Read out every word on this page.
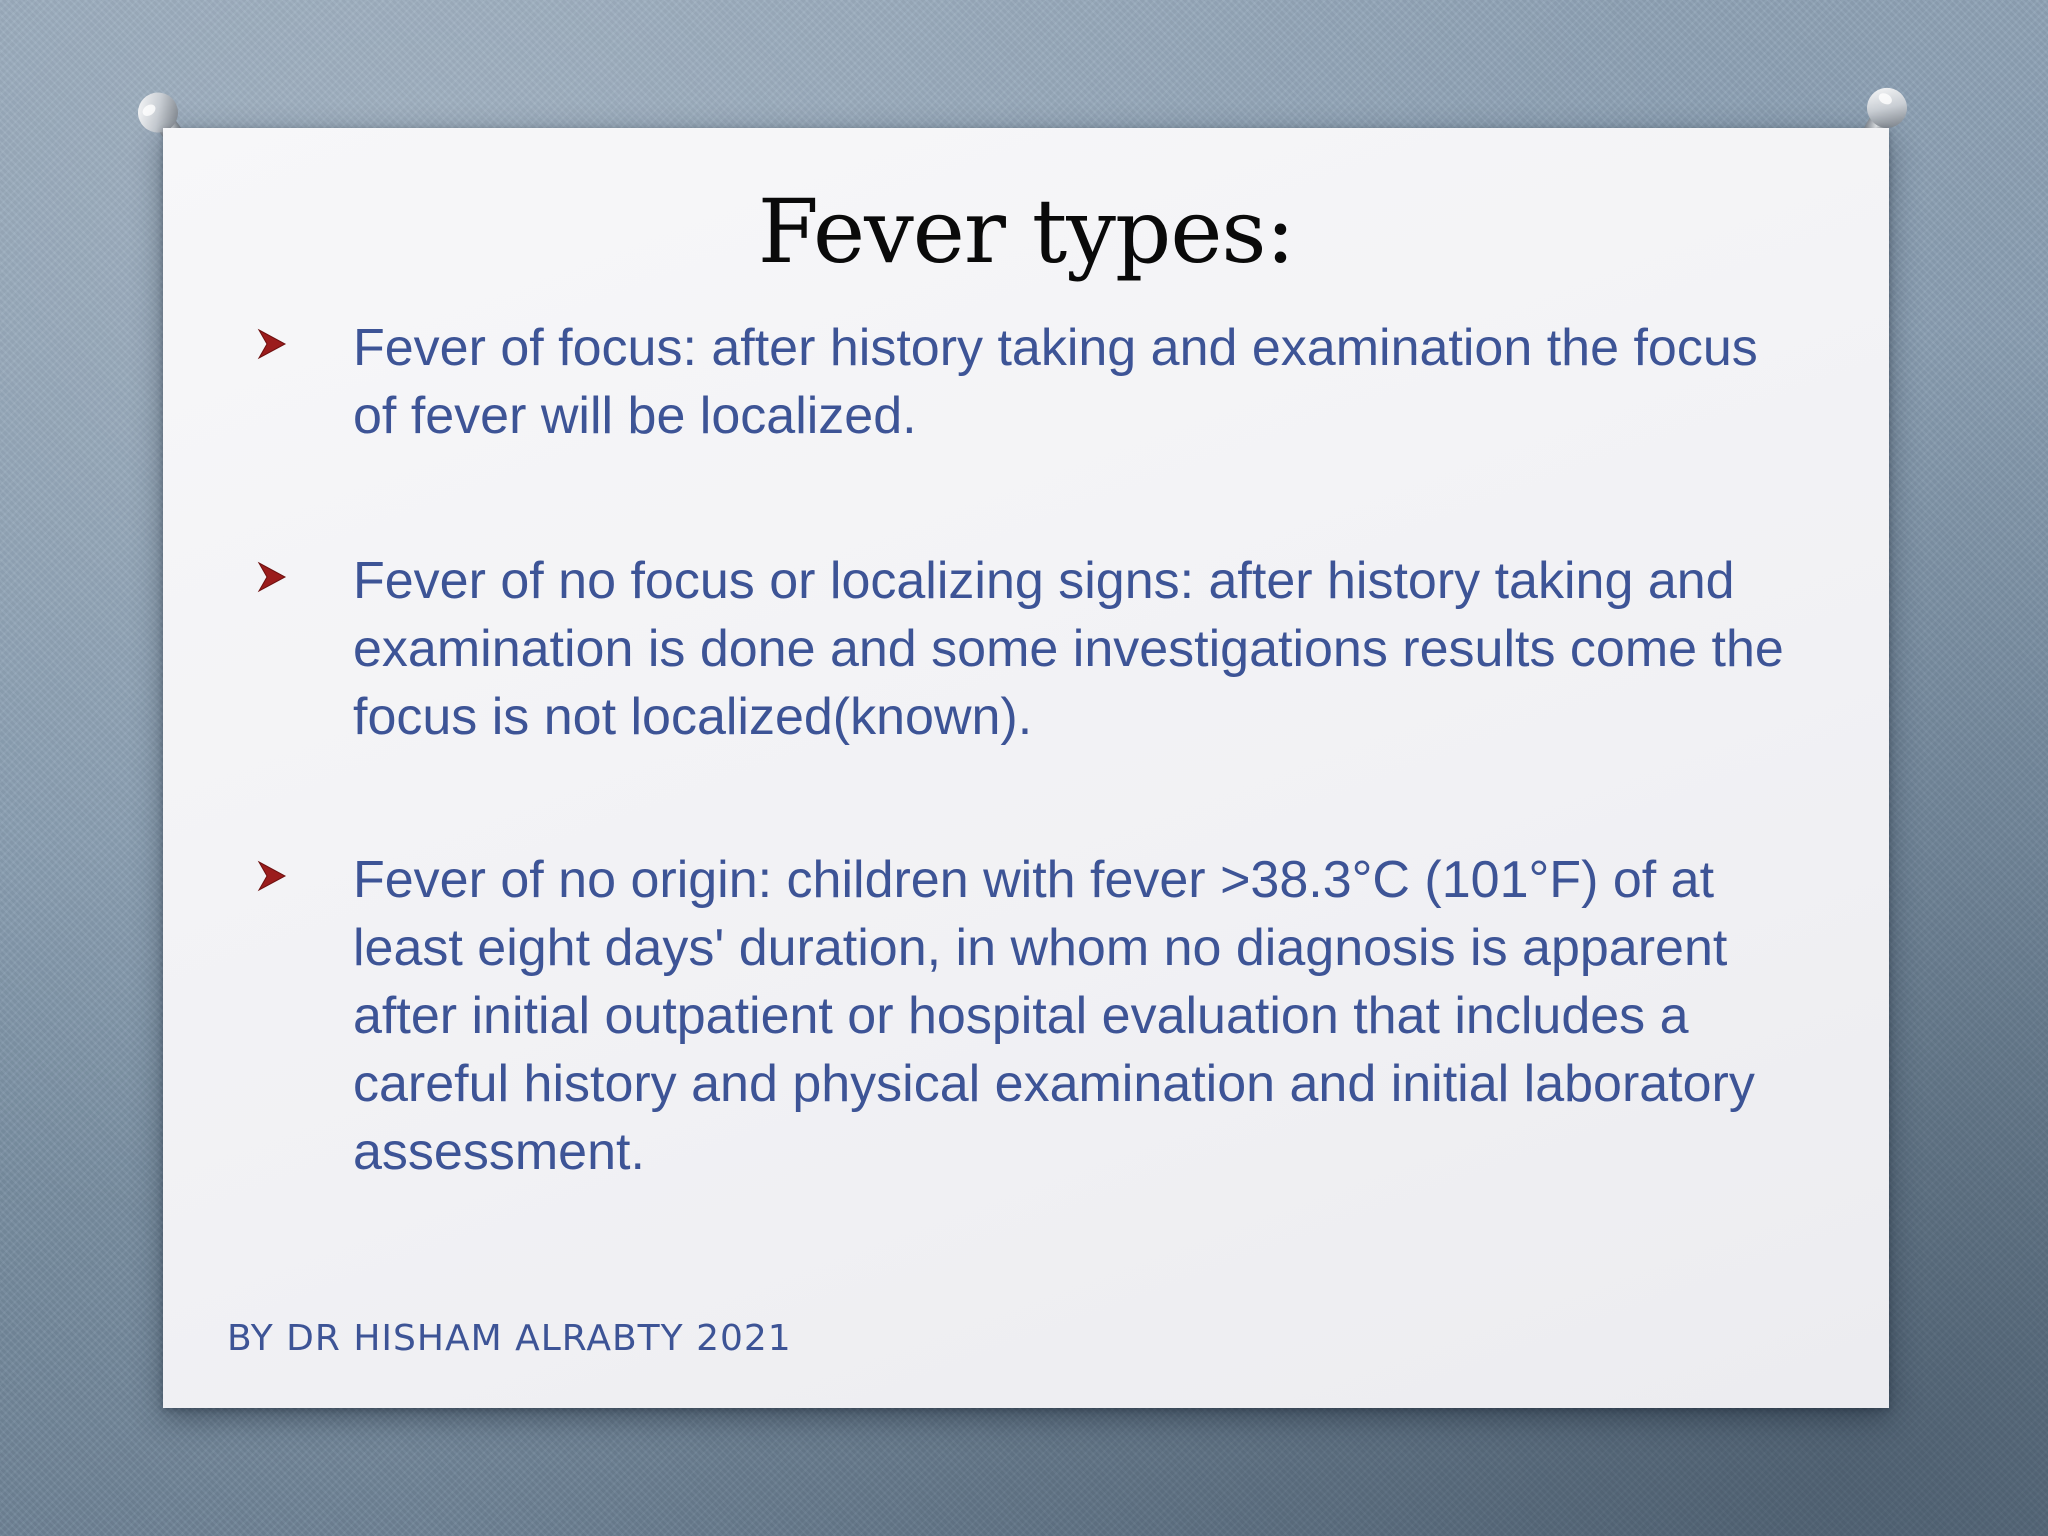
Fever types:
Fever of focus: after history taking and examination the focus of fever will be localized.
Fever of no focus or localizing signs: after history taking and examination is done and some investigations results come the focus is not localized(known).
Fever of no origin: children with fever >38.3°C (101°F) of at least eight days' duration, in whom no diagnosis is apparent after initial outpatient or hospital evaluation that includes a careful history and physical examination and initial laboratory assessment.
BY DR HISHAM ALRABTY 2021
